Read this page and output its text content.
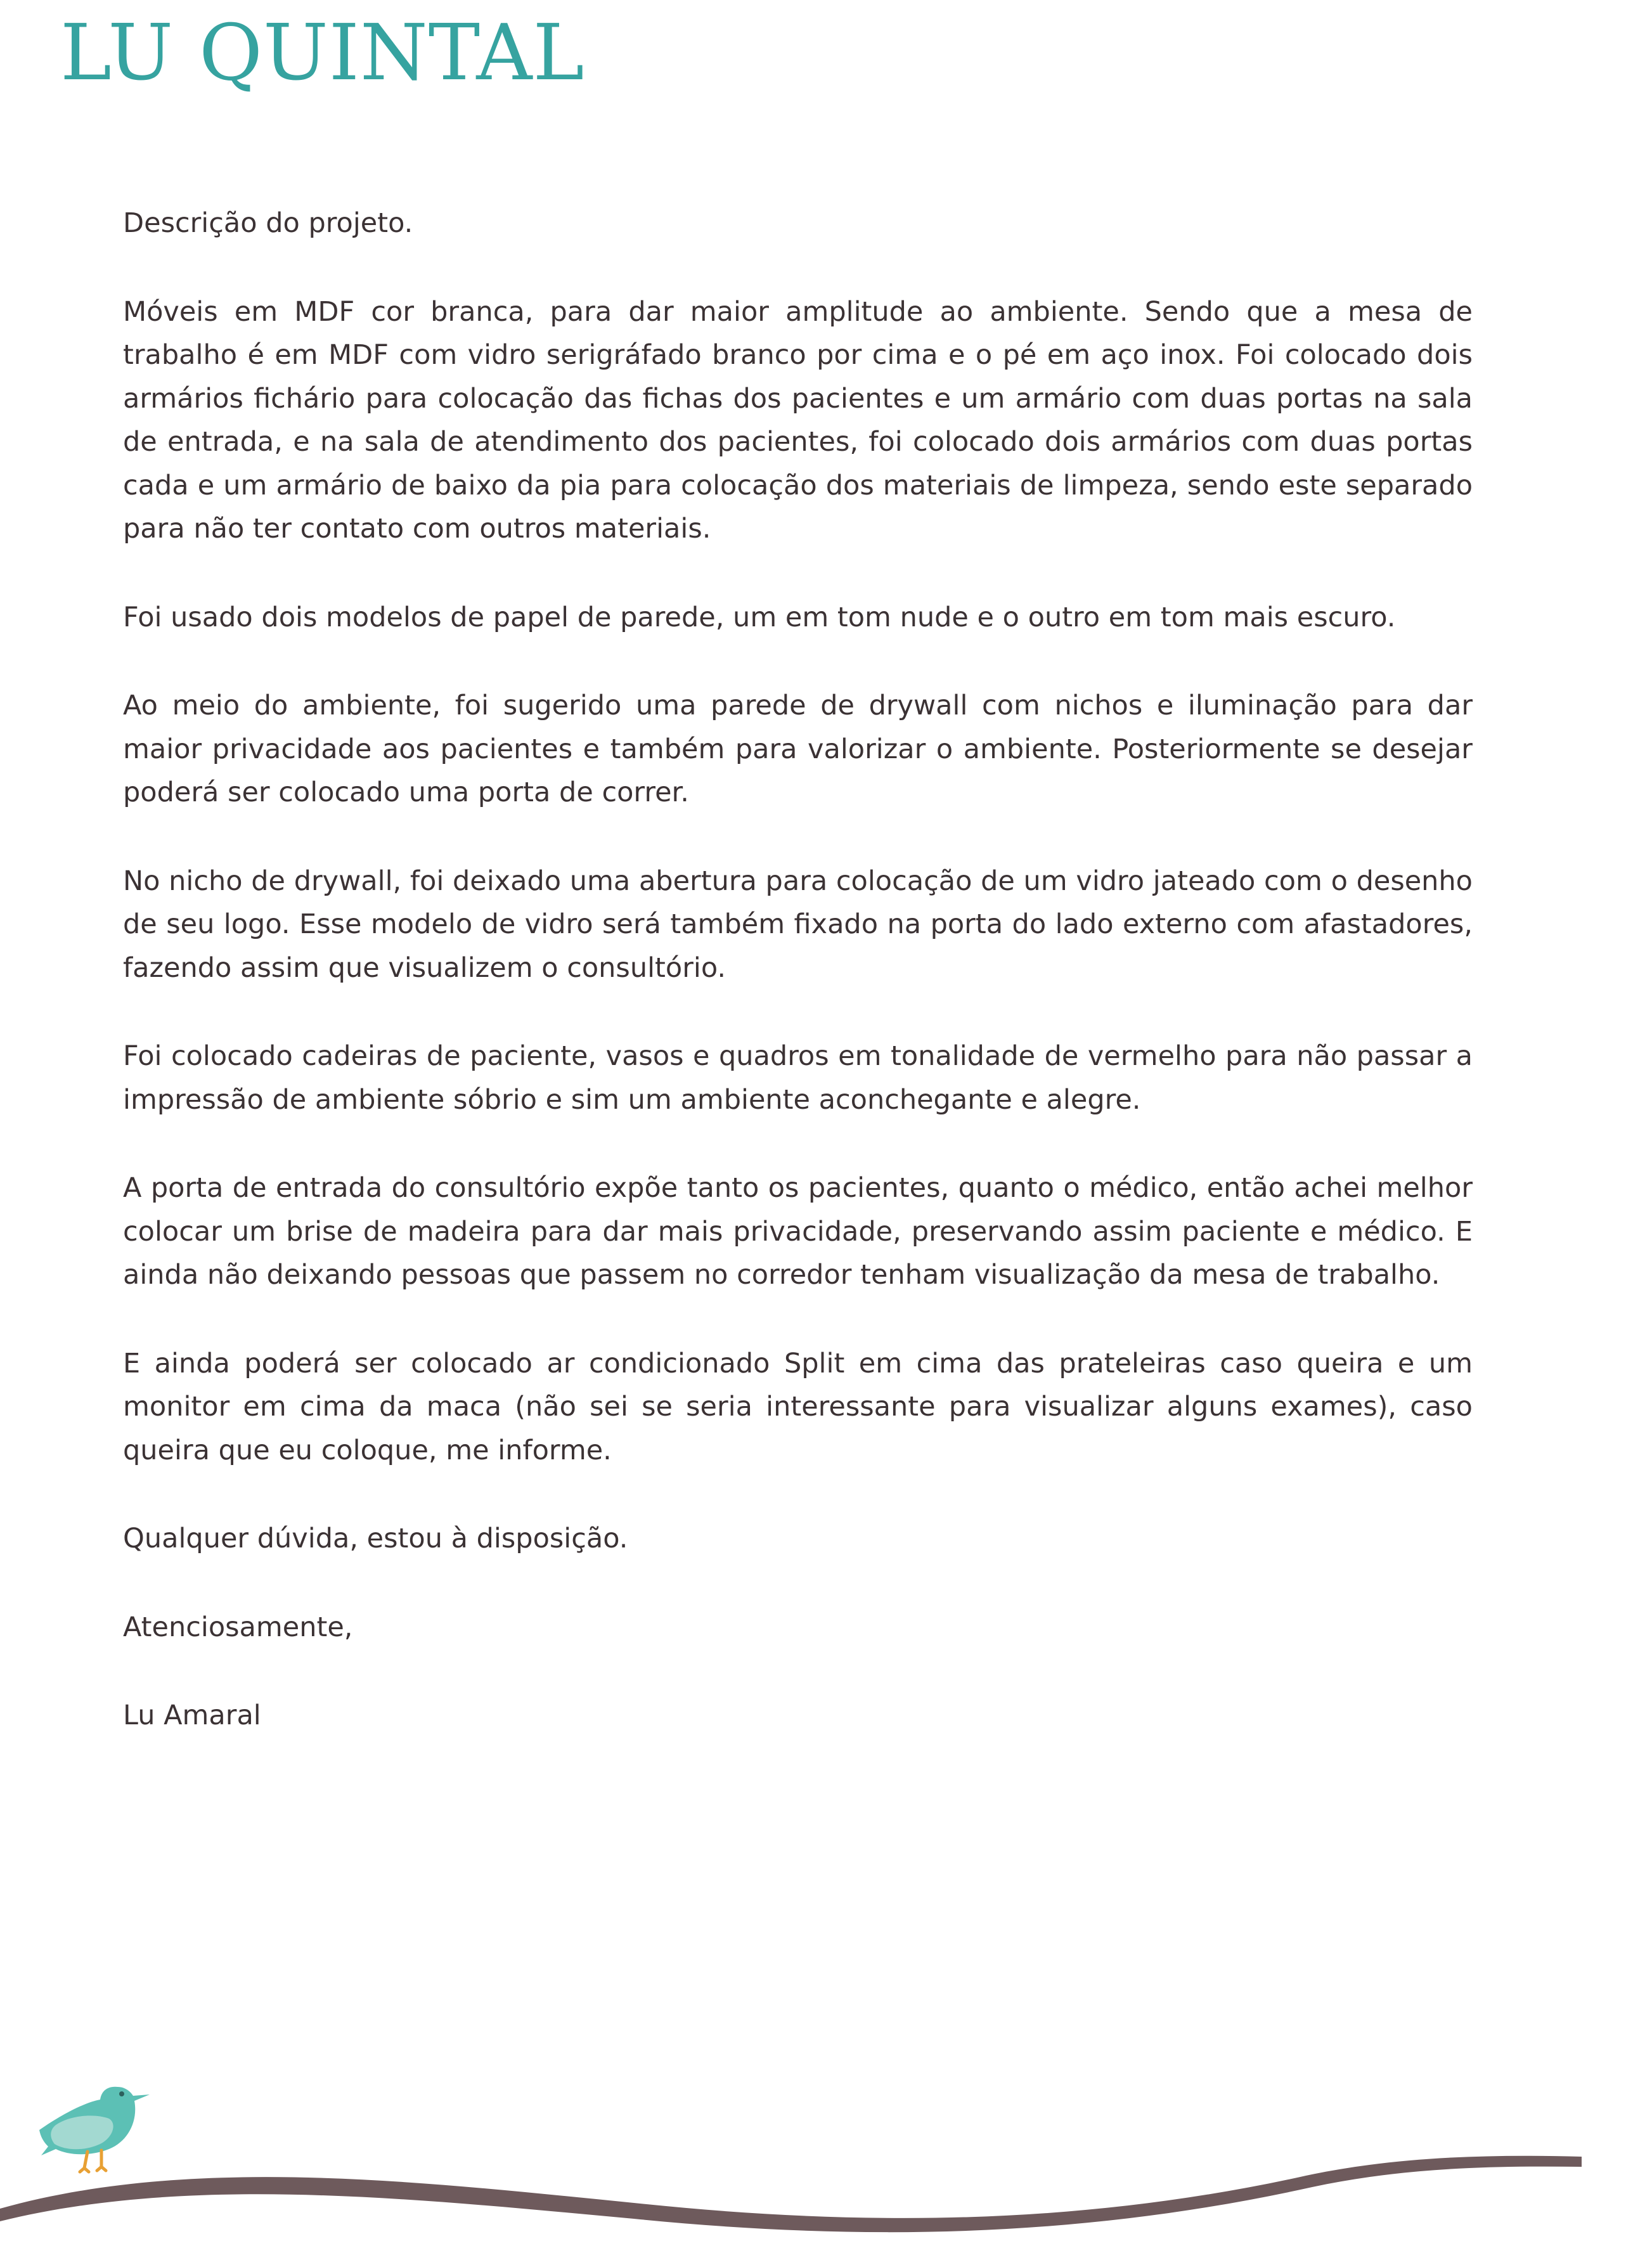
LU QUINTAL

Descrição do projeto.

Móveis em MDF cor branca, para dar maior amplitude ao ambiente. Sendo que a mesa de trabalho é em MDF com vidro serigráfado branco por cima e o pé em aço inox. Foi colocado dois armários fichário para colocação das fichas dos pacientes e um armário com duas portas na sala de entrada, e na sala de atendimento dos pacientes, foi colocado dois armários com duas portas cada e um armário de baixo da pia para colocação dos materiais de limpeza, sendo este separado para não ter contato com outros materiais.

Foi usado dois modelos de papel de parede, um em tom nude e o outro em tom mais escuro.

Ao meio do ambiente, foi sugerido uma parede de drywall com nichos e iluminação para dar maior privacidade aos pacientes e também para valorizar o ambiente. Posteriormente se desejar poderá ser colocado uma porta de correr.

No nicho de drywall, foi deixado uma abertura para colocação de um vidro jateado com o desenho de seu logo. Esse modelo de vidro será também fixado na porta do lado externo com afastadores, fazendo assim que visualizem o consultório.

Foi colocado cadeiras de paciente, vasos e quadros em tonalidade de vermelho para não passar a impressão de ambiente sóbrio e sim um ambiente aconchegante e alegre.

A porta de entrada do consultório expõe tanto os pacientes, quanto o médico, então achei melhor colocar um brise de madeira para dar mais privacidade, preservando assim paciente e médico. E ainda não deixando pessoas que passem no corredor tenham visualização da mesa de trabalho.

E ainda poderá ser colocado ar condicionado Split em cima das prateleiras caso queira e um monitor em cima da maca (não sei se seria interessante para visualizar alguns exames), caso queira que eu coloque, me informe.

Qualquer dúvida, estou à disposição.

Atenciosamente,

Lu Amaral
